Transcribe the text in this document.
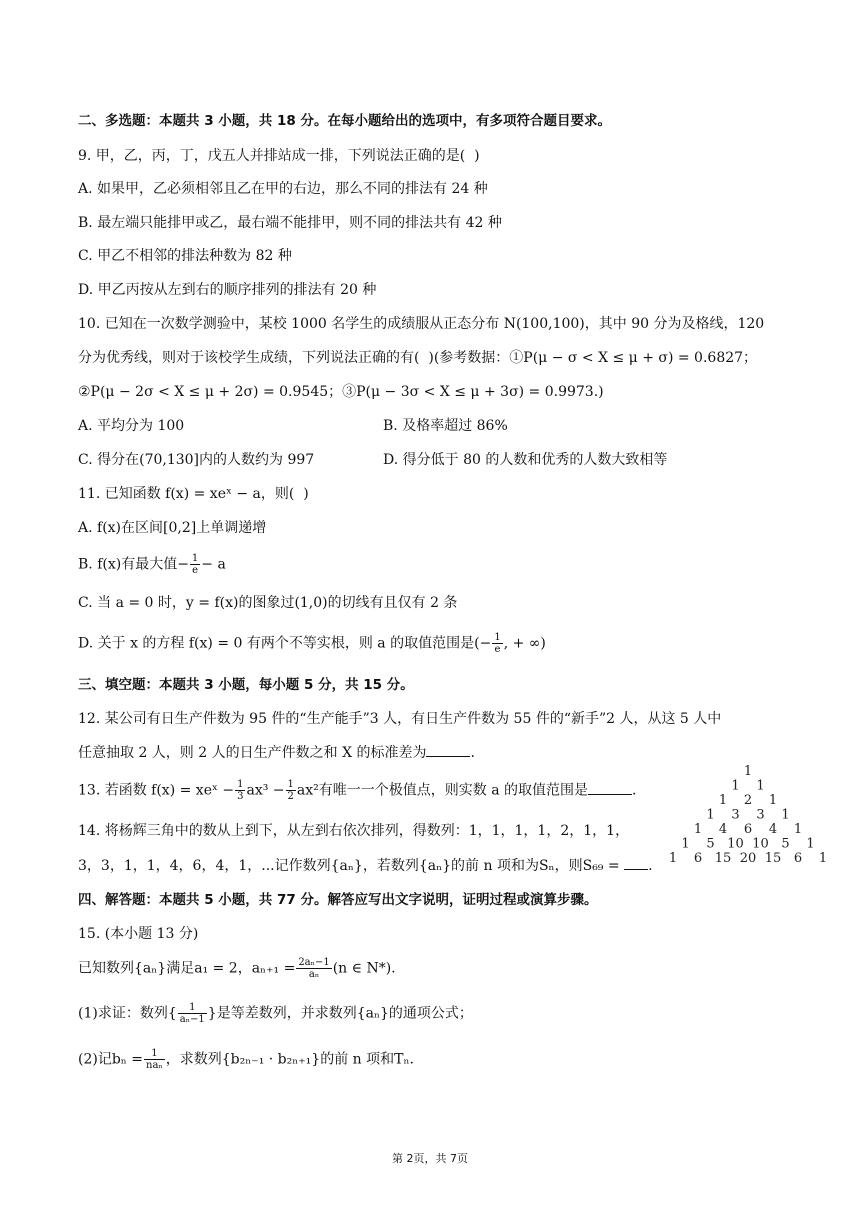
二、多选题：本题共 3 小题，共 18 分。在每小题给出的选项中，有多项符合题目要求。
9. 甲，乙，丙，丁，戊五人并排站成一排，下列说法正确的是(  )
A. 如果甲，乙必须相邻且乙在甲的右边，那么不同的排法有 24 种
B. 最左端只能排甲或乙，最右端不能排甲，则不同的排法共有 42 种
C. 甲乙不相邻的排法种数为 82 种
D. 甲乙丙按从左到右的顺序排列的排法有 20 种
10. 已知在一次数学测验中，某校 1000 名学生的成绩服从正态分布 N(100,100)，其中 90 分为及格线，120
分为优秀线，则对于该校学生成绩，下列说法正确的有(  )(参考数据：①P(μ − σ < X ≤ μ + σ) = 0.6827；
②P(μ − 2σ < X ≤ μ + 2σ) = 0.9545；③P(μ − 3σ < X ≤ μ + 3σ) = 0.9973.)
A. 平均分为 100	B. 及格率超过 86%
C. 得分在(70,130]内的人数约为 997	D. 得分低于 80 的人数和优秀的人数大致相等
11. 已知函数 f(x) = xeˣ − a，则(  )
A. f(x)在区间[0,2]上单调递增
B. f(x)有最大值− $\frac{1}{e} - a$
C. 当 a = 0 时，y = f(x)的图象过(1,0)的切线有且仅有 2 条
D. 关于 x 的方程 f(x) = 0 有两个不等实根，则 a 的取值范围是(− $\frac{1}{e}$ , + ∞)
三、填空题：本题共 3 小题，每小题 5 分，共 15 分。
12. 某公司有日生产件数为 95 件的“生产能手”3 人，有日生产件数为 55 件的“新手”2 人，从这 5 人中
任意抽取 2 人，则 2 人的日生产件数之和 X 的标准差为	.
13. 若函数 f(x) = xeˣ − $\frac{1}{3} ax^3 - \frac{1}{2} ax^2$有唯一一个极值点，则实数 a 的取值范围是	.
14. 将杨辉三角中的数从上到下，从左到右依次排列，得数列：1，1，1，1，2，1，1，
3，3，1，1，4，6，4，1，...记作数列{aₙ}，若数列{aₙ}的前 n 项和为Sₙ，则S₆₉ = .
1
1 1
1 2 1
1 3 3 1
1 4 6 4 1
1 5 10 10 5 1
1 6 15 20 15 6 1
四、解答题：本题共 5 小题，共 77 分。解答应写出文字说明，证明过程或演算步骤。
15. (本小题 13 分)
已知数列{aₙ}满足a₁ = 2，$a_{n+1} = \frac{\text{2aₙ−1}}{\text{aₙ}} (n$ ∈ N*).
(1)求证：数列{ $\frac{1}{\text{aₙ−1}}$ }是等差数列，并求数列{aₙ}的通项公式；
(2)记$b_n = \frac{1}{\text{naₙ}}$ ，求数列{b₂ₙ₋₁ · b₂ₙ₊₁}的前 n 项和Tₙ.
第 2页，共 7页
